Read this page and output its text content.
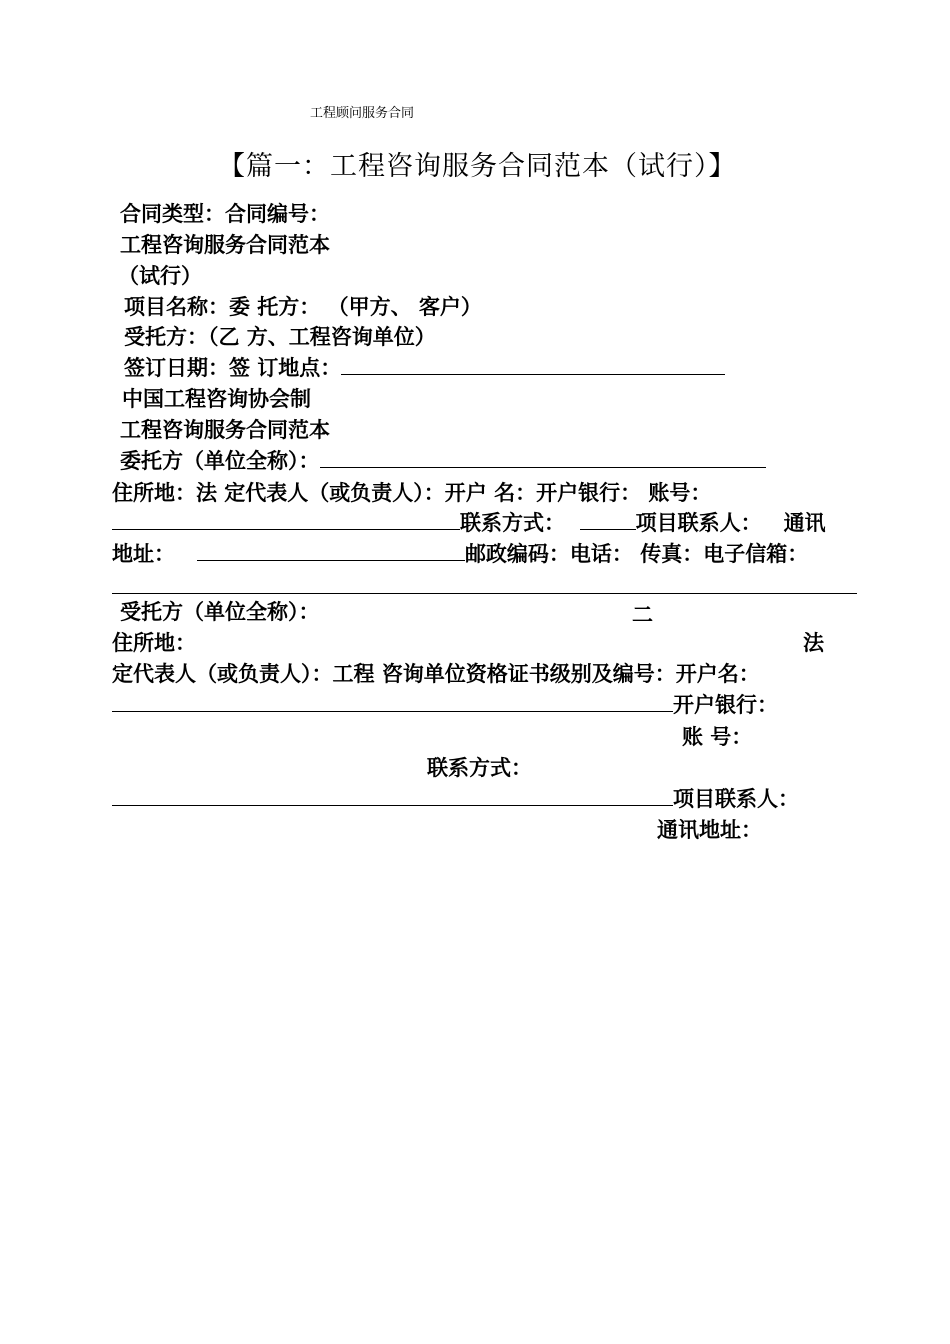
工程顾问服务合同
【篇一：工程咨询服务合同范本（试行）】
合同类型：合同编号：
工程咨询服务合同范本
（试行）
项目名称：委 托方： （甲方、 客户）
受托方：（乙 方、工程咨询单位）
签订日期：签 订地点：
中国工程咨询协会制
工程咨询服务合同范本
委托方（单位全称）：
住所地：法 定代表人（或负责人）：开户 名：开户银行： 账号：
联系方式：	项目联系人： 通讯
地址：	邮政编码：电话： 传真：电子信箱：
受托方（单位全称）：	二
住所地：	法
定代表人（或负责人）：工程 咨询单位资格证书级别及编号：开户名：
开户银行：
账 号：
联系方式：
项目联系人：
通讯地址：
